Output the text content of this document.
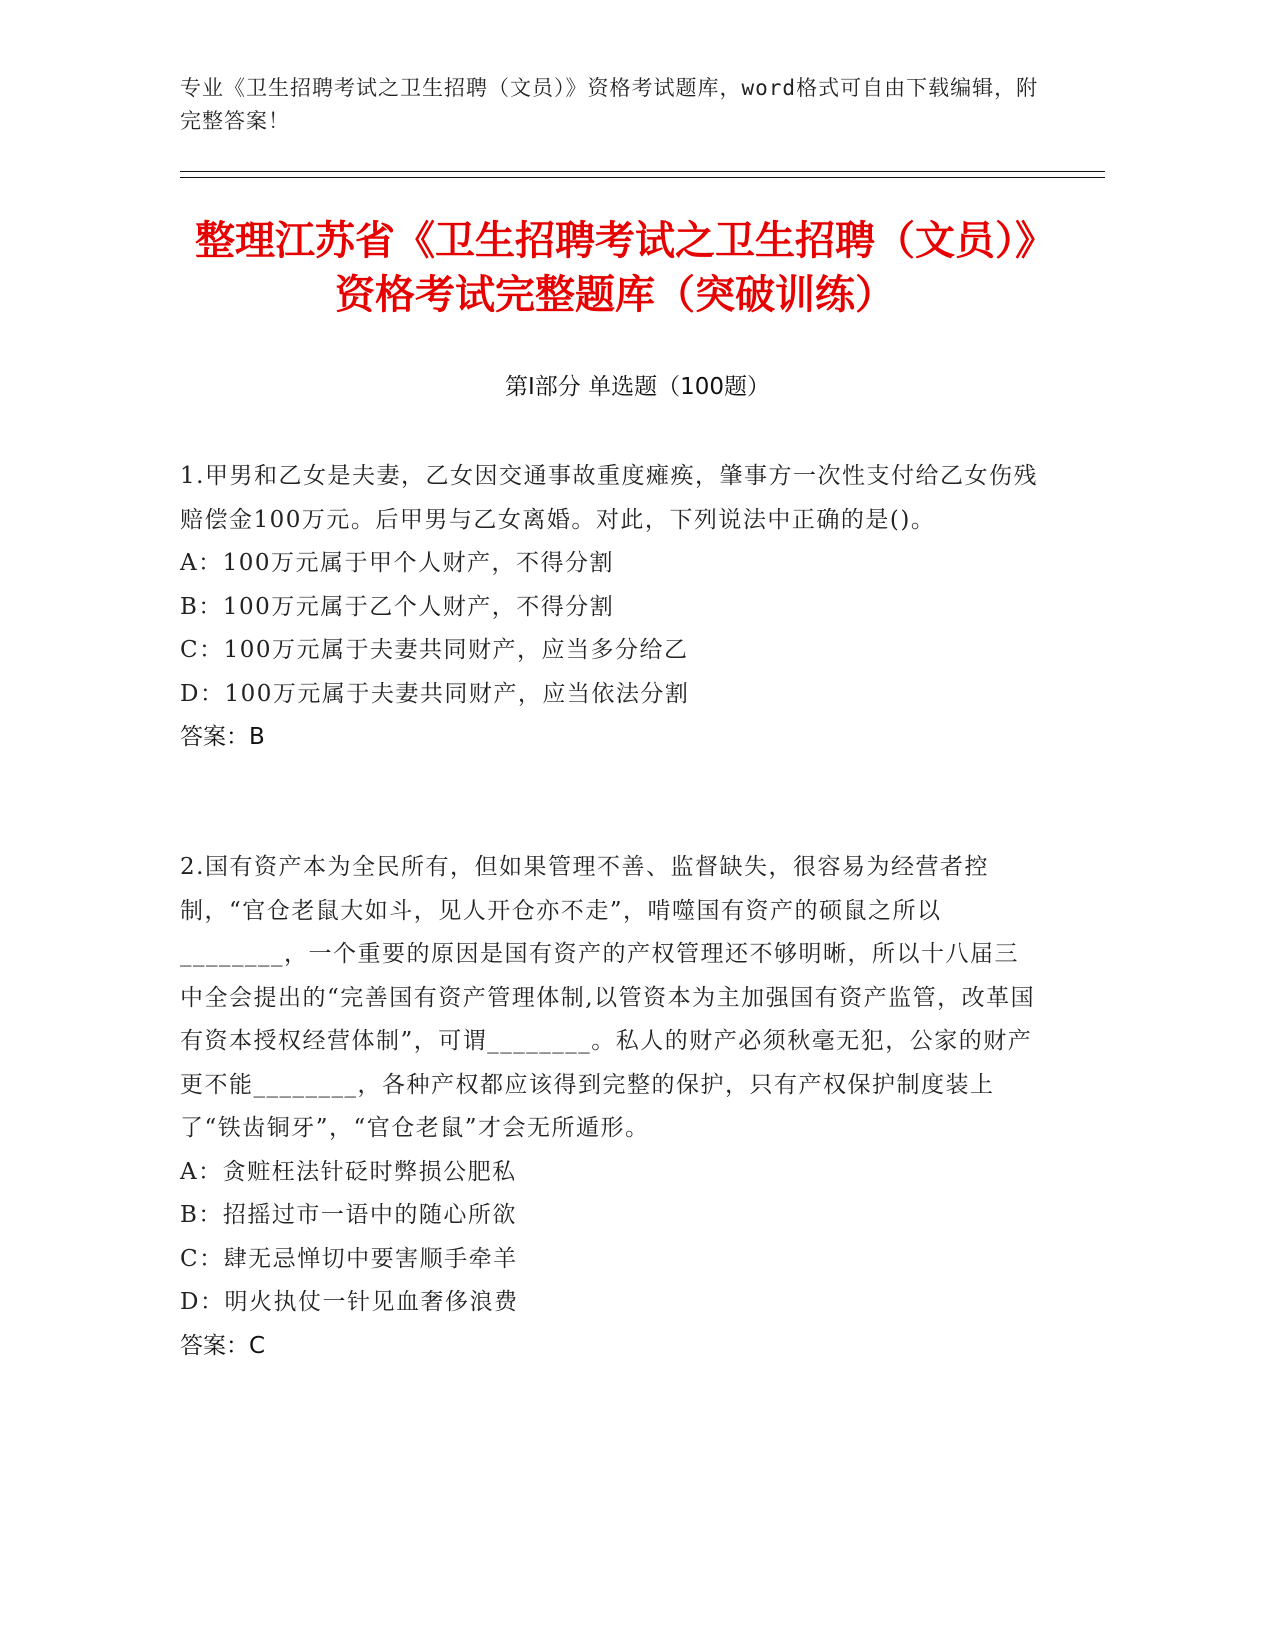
专业《卫生招聘考试之卫生招聘（文员）》资格考试题库，word格式可自由下载编辑，附完整答案！
整理江苏省《卫生招聘考试之卫生招聘（文员）》资格考试完整题库（突破训练）
第Ⅰ部分 单选题（100题）
1.甲男和乙女是夫妻，乙女因交通事故重度瘫痪，肇事方一次性支付给乙女伤残赔偿金100万元。后甲男与乙女离婚。对此，下列说法中正确的是()。
A：100万元属于甲个人财产，不得分割
B：100万元属于乙个人财产，不得分割
C：100万元属于夫妻共同财产，应当多分给乙
D：100万元属于夫妻共同财产，应当依法分割
答案：B
2.国有资产本为全民所有，但如果管理不善、监督缺失，很容易为经营者控制，“官仓老鼠大如斗，见人开仓亦不走”，啃噬国有资产的硕鼠之所以________，一个重要的原因是国有资产的产权管理还不够明晰，所以十八届三中全会提出的“完善国有资产管理体制,以管资本为主加强国有资产监管，改革国有资本授权经营体制”，可谓________。私人的财产必须秋毫无犯，公家的财产更不能________，各种产权都应该得到完整的保护，只有产权保护制度装上了“铁齿铜牙”，“官仓老鼠”才会无所遁形。
A：贪赃枉法针砭时弊损公肥私
B：招摇过市一语中的随心所欲
C：肆无忌惮切中要害顺手牵羊
D：明火执仗一针见血奢侈浪费
答案：C
